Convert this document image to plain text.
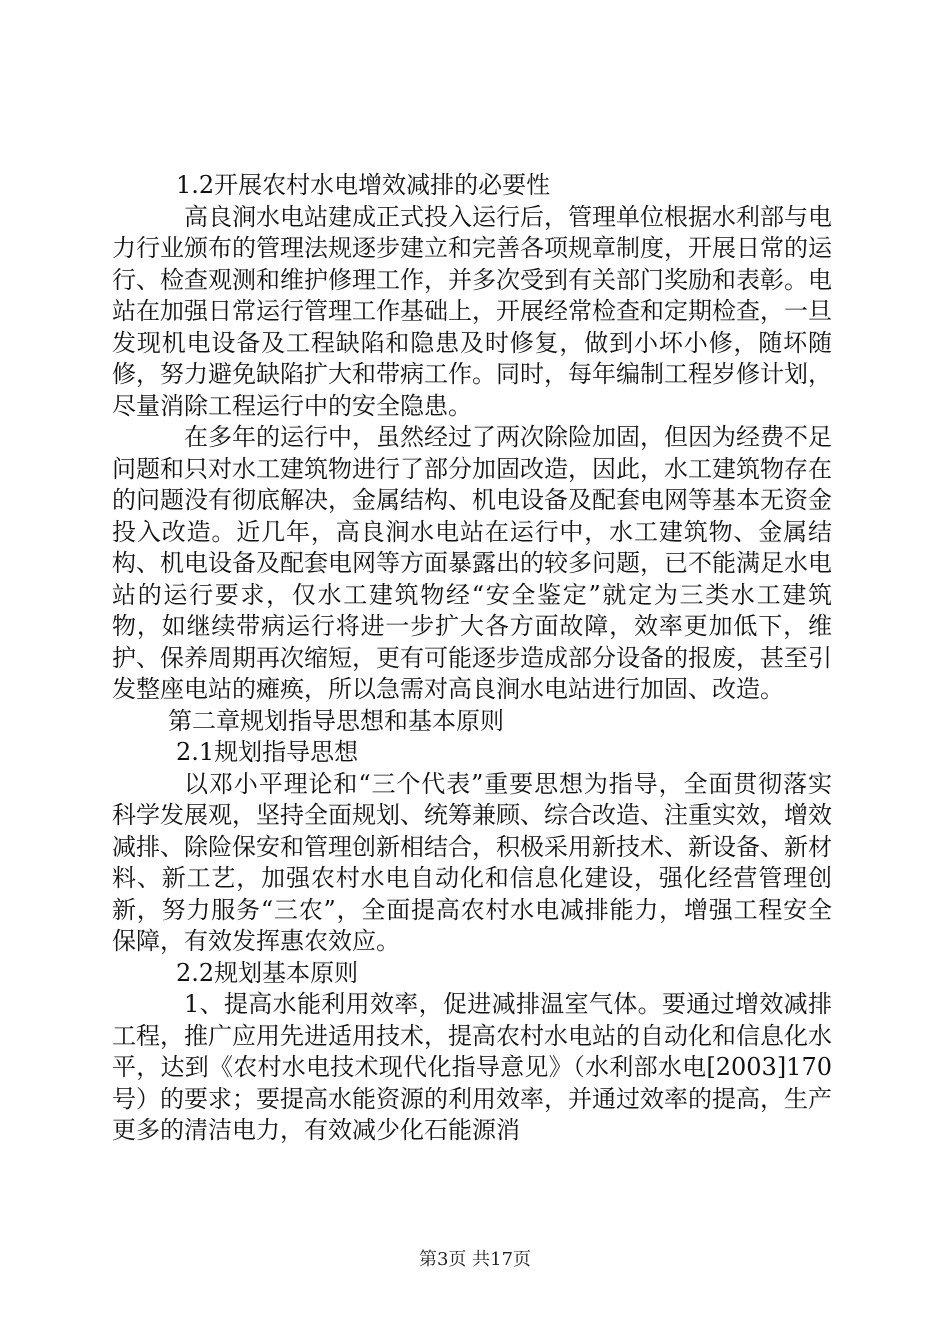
1.2开展农村水电增效减排的必要性

高良涧水电站建成正式投入运行后，管理单位根据水利部与电力行业颁布的管理法规逐步建立和完善各项规章制度，开展日常的运行、检查观测和维护修理工作，并多次受到有关部门奖励和表彰。电站在加强日常运行管理工作基础上，开展经常检查和定期检查，一旦发现机电设备及工程缺陷和隐患及时修复，做到小坏小修，随坏随修，努力避免缺陷扩大和带病工作。同时，每年编制工程岁修计划，尽量消除工程运行中的安全隐患。

在多年的运行中，虽然经过了两次除险加固，但因为经费不足问题和只对水工建筑物进行了部分加固改造，因此，水工建筑物存在的问题没有彻底解决，金属结构、机电设备及配套电网等基本无资金投入改造。近几年，高良涧水电站在运行中，水工建筑物、金属结构、机电设备及配套电网等方面暴露出的较多问题，已不能满足水电站的运行要求，仅水工建筑物经“安全鉴定”就定为三类水工建筑物，如继续带病运行将进一步扩大各方面故障，效率更加低下，维护、保养周期再次缩短，更有可能逐步造成部分设备的报废，甚至引发整座电站的瘫痪，所以急需对高良涧水电站进行加固、改造。

第二章规划指导思想和基本原则

2.1规划指导思想

以邓小平理论和“三个代表”重要思想为指导，全面贯彻落实科学发展观，坚持全面规划、统筹兼顾、综合改造、注重实效，增效减排、除险保安和管理创新相结合，积极采用新技术、新设备、新材料、新工艺，加强农村水电自动化和信息化建设，强化经营管理创新，努力服务“三农”，全面提高农村水电减排能力，增强工程安全保障，有效发挥惠农效应。

2.2规划基本原则

1、提高水能利用效率，促进减排温室气体。要通过增效减排工程，推广应用先进适用技术，提高农村水电站的自动化和信息化水平，达到《农村水电技术现代化指导意见》（水利部水电[2003]170号）的要求；要提高水能资源的利用效率，并通过效率的提高，生产更多的清洁电力，有效减少化石能源消

第3页 共17页
